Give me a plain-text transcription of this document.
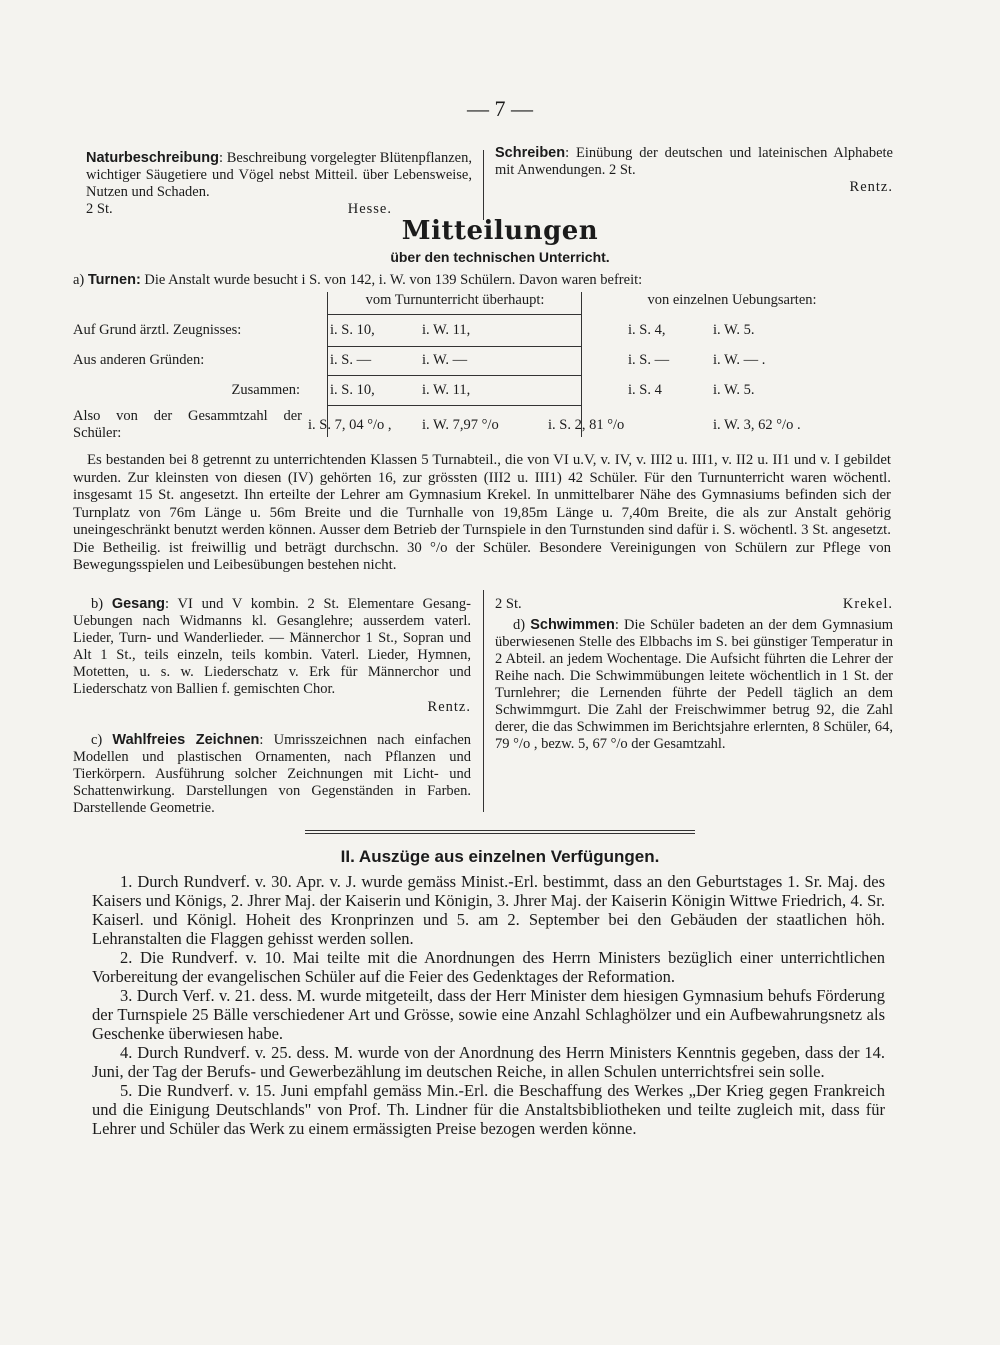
— 7 —

Naturbeschreibung: Beschreibung vorgelegter Blütenpflanzen, wichtiger Säugetiere und Vögel nebst Mitteil. über Lebensweise, Nutzen und Schaden.

2 St.	Hesse.

Schreiben: Einübung der deutschen und lateinischen Alphabete mit Anwendungen. 2 St.

Rentz.

Mitteilungen
über den technischen Unterricht.
a) Turnen: Die Anstalt wurde besucht i S. von 142, i. W. von 139 Schülern. Davon waren befreit:
vom Turnunterricht überhaupt:	von einzelnen Uebungsarten:
Auf Grund ärztl. Zeugnisses:		i. S. 10,	i. W. 11,		i. S. 4,	i. W. 5.
Aus anderen Gründen:		i. S. —	i. W. —		i. S. —	i. W. — .
Zusammen:		i. S. 10,	i. W. 11,		i. S. 4	i. W. 5.
Also von der Gesammtzahl der Schüler:	i. S. 7, 04 °/o ,		i. W. 7,97 °/o	i. S. 2, 81 °/o		i. W. 3, 62 °/o .
Es bestanden bei 8 getrennt zu unterrichtenden Klassen 5 Turnabteil., die von VI u.V, v. IV, v. III2 u. III1, v. II2 u. II1 und v. I gebildet wurden. Zur kleinsten von diesen (IV) gehörten 16, zur grössten (III2 u. III1) 42 Schüler. Für den Turnunterricht waren wöchentl. insgesamt 15 St. angesetzt. Ihn erteilte der Lehrer am Gymnasium Krekel. In unmittelbarer Nähe des Gymnasiums befinden sich der Turnplatz von 76m Länge u. 56m Breite und die Turnhalle von 19,85m Länge u. 7,40m Breite, die als zur Anstalt gehörig uneingeschränkt benutzt werden können. Ausser dem Betrieb der Turnspiele in den Turnstunden sind dafür i. S. wöchentl. 3 St. angesetzt. Die Betheilig. ist freiwillig und beträgt durchschn. 30 °/o der Schüler. Besondere Vereinigungen von Schülern zur Pflege von Bewegungsspielen und Leibesübungen bestehen nicht.

b) Gesang: VI und V kombin. 2 St. Elementare Gesang- Uebungen nach Widmanns kl. Gesanglehre; ausserdem vaterl. Lieder, Turn- und Wanderlieder. — Männerchor 1 St., Sopran und Alt 1 St., teils einzeln, teils kombin. Vaterl. Lieder, Hymnen, Motetten, u. s. w. Liederschatz v. Erk für Männerchor und Liederschatz von Ballien f. gemischten Chor.

Rentz.

c) Wahlfreies Zeichnen: Umrisszeichnen nach einfachen Modellen und plastischen Ornamenten, nach Pflanzen und Tierkörpern. Ausführung solcher Zeichnungen mit Licht- und Schattenwirkung. Darstellungen von Gegenständen in Farben. Darstellende Geometrie.

2 St.	Krekel.

d) Schwimmen: Die Schüler badeten an der dem Gymnasium überwiesenen Stelle des Elbbachs im S. bei günstiger Temperatur in 2 Abteil. an jedem Wochentage. Die Aufsicht führten die Lehrer der Reihe nach. Die Schwimmübungen leitete wöchentlich in 1 St. der Turnlehrer; die Lernenden führte der Pedell täglich an dem Schwimmgurt. Die Zahl der Freischwimmer betrug 92, die Zahl derer, die das Schwimmen im Berichtsjahre erlernten, 8 Schüler, 64, 79 °/o , bezw. 5, 67 °/o der Gesamtzahl.

II. Auszüge aus einzelnen Verfügungen.

1. Durch Rundverf. v. 30. Apr. v. J. wurde gemäss Minist.-Erl. bestimmt, dass an den Geburtstages 1. Sr. Maj. des Kaisers und Königs, 2. Jhrer Maj. der Kaiserin und Königin, 3. Jhrer Maj. der Kaiserin Königin Wittwe Friedrich, 4. Sr. Kaiserl. und Königl. Hoheit des Kronprinzen und 5. am 2. September bei den Gebäuden der staatlichen höh. Lehranstalten die Flaggen gehisst werden sollen.

2. Die Rundverf. v. 10. Mai teilte mit die Anordnungen des Herrn Ministers bezüglich einer unterrichtlichen Vorbereitung der evangelischen Schüler auf die Feier des Gedenktages der Reformation.

3. Durch Verf. v. 21. dess. M. wurde mitgeteilt, dass der Herr Minister dem hiesigen Gymnasium behufs Förderung der Turnspiele 25 Bälle verschiedener Art und Grösse, sowie eine Anzahl Schlaghölzer und ein Aufbewahrungsnetz als Geschenke überwiesen habe.

4. Durch Rundverf. v. 25. dess. M. wurde von der Anordnung des Herrn Ministers Kenntnis gegeben, dass der 14. Juni, der Tag der Berufs- und Gewerbezählung im deutschen Reiche, in allen Schulen unterrichtsfrei sein solle.

5. Die Rundverf. v. 15. Juni empfahl gemäss Min.-Erl. die Beschaffung des Werkes „Der Krieg gegen Frankreich und die Einigung Deutschlands" von Prof. Th. Lindner für die Anstaltsbibliotheken und teilte zugleich mit, dass für Lehrer und Schüler das Werk zu einem ermässigten Preise bezogen werden könne.
